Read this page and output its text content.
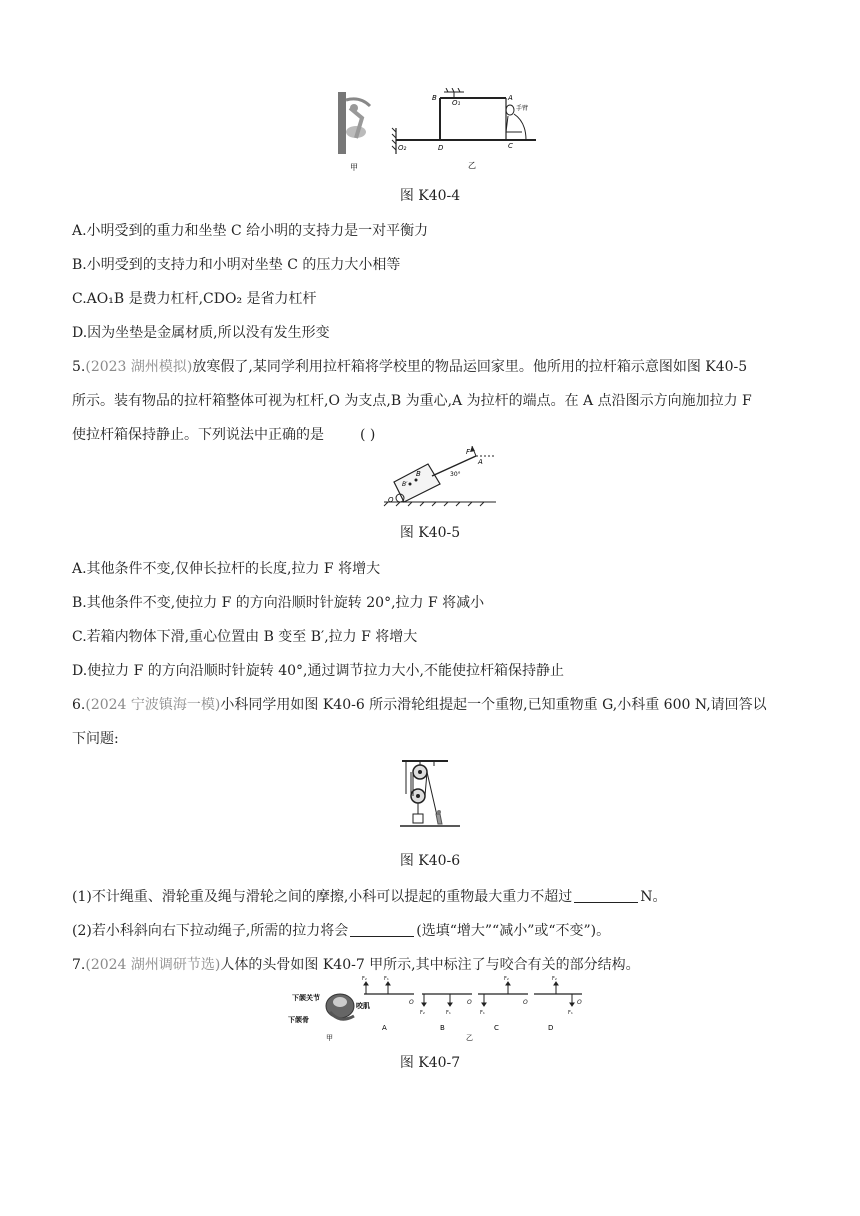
甲
B
O₁
A
手臂
O₂	D	C
乙
图 K40-4
A.小明受到的重力和坐垫 C 给小明的支持力是一对平衡力
B.小明受到的支持力和小明对坐垫 C 的压力大小相等
C.AO₁B 是费力杠杆,CDO₂ 是省力杠杆
D.因为坐垫是金属材质,所以没有发生形变
5.(2023 湖州模拟)放寒假了,某同学利用拉杆箱将学校里的物品运回家里。他所用的拉杆箱示意图如图 K40-5
所示。装有物品的拉杆箱整体可视为杠杆,O 为支点,B 为重心,A 为拉杆的端点。在 A 点沿图示方向施加拉力 F
使拉杆箱保持静止。下列说法中正确的是	( )
F
A
B
B′
O
30°
图 K40-5
A.其他条件不变,仅伸长拉杆的长度,拉力 F 将增大
B.其他条件不变,使拉力 F 的方向沿顺时针旋转 20°,拉力 F 将减小
C.若箱内物体下滑,重心位置由 B 变至 B′,拉力 F 将增大
D.使拉力 F 的方向沿顺时针旋转 40°,通过调节拉力大小,不能使拉杆箱保持静止
6.(2024 宁波镇海一模)小科同学用如图 K40-6 所示滑轮组提起一个重物,已知重物重 G,小科重 600 N,请回答以
下问题:
图 K40-6
(1)不计绳重、滑轮重及绳与滑轮之间的摩擦,小科可以提起的重物最大重力不超过	N。
(2)若小科斜向右下拉动绳子,所需的拉力将会	(选填“增大”“减小”或“不变”)。
7.(2024 湖州调研节选)人体的头骨如图 K40-7 甲所示,其中标注了与咬合有关的部分结构。
下颌关节
下颌骨
咬肌
甲
F₂	F₁
O
F₂	F₁
O
F₂
F₁
O
F₂
F₁
O
A	B	C	D
乙
图 K40-7
